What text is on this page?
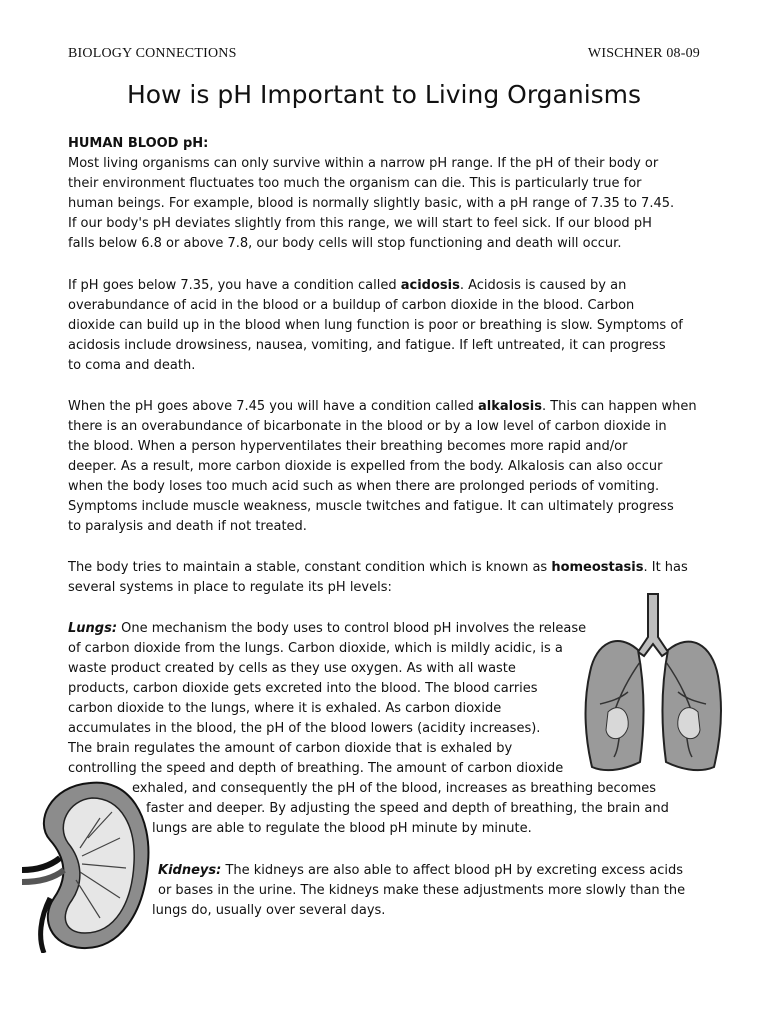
BIOLOGY CONNECTIONS	WISCHNER 08-09
How is pH Important to Living Organisms
HUMAN BLOOD pH:
Most living organisms can only survive within a narrow pH range. If the pH of their body or
their environment fluctuates too much the organism can die. This is particularly true for
human beings. For example, blood is normally slightly basic, with a pH range of 7.35 to 7.45.
If our body's pH deviates slightly from this range, we will start to feel sick. If our blood pH
falls below 6.8 or above 7.8, our body cells will stop functioning and death will occur.
If pH goes below 7.35, you have a condition called acidosis. Acidosis is caused by an
overabundance of acid in the blood or a buildup of carbon dioxide in the blood. Carbon
dioxide can build up in the blood when lung function is poor or breathing is slow. Symptoms of
acidosis include drowsiness, nausea, vomiting, and fatigue. If left untreated, it can progress
to coma and death.
When the pH goes above 7.45 you will have a condition called alkalosis. This can happen when
there is an overabundance of bicarbonate in the blood or by a low level of carbon dioxide in
the blood. When a person hyperventilates their breathing becomes more rapid and/or
deeper. As a result, more carbon dioxide is expelled from the body. Alkalosis can also occur
when the body loses too much acid such as when there are prolonged periods of vomiting.
Symptoms include muscle weakness, muscle twitches and fatigue. It can ultimately progress
to paralysis and death if not treated.
The body tries to maintain a stable, constant condition which is known as homeostasis. It has
several systems in place to regulate its pH levels:
Lungs: One mechanism the body uses to control blood pH involves the release
of carbon dioxide from the lungs. Carbon dioxide, which is mildly acidic, is a
waste product created by cells as they use oxygen. As with all waste
products, carbon dioxide gets excreted into the blood. The blood carries
carbon dioxide to the lungs, where it is exhaled. As carbon dioxide
accumulates in the blood, the pH of the blood lowers (acidity increases).
The brain regulates the amount of carbon dioxide that is exhaled by
controlling the speed and depth of breathing. The amount of carbon dioxide
exhaled, and consequently the pH of the blood, increases as breathing becomes
faster and deeper. By adjusting the speed and depth of breathing, the brain and
lungs are able to regulate the blood pH minute by minute.
Kidneys: The kidneys are also able to affect blood pH by excreting excess acids
or bases in the urine. The kidneys make these adjustments more slowly than the
lungs do, usually over several days.
